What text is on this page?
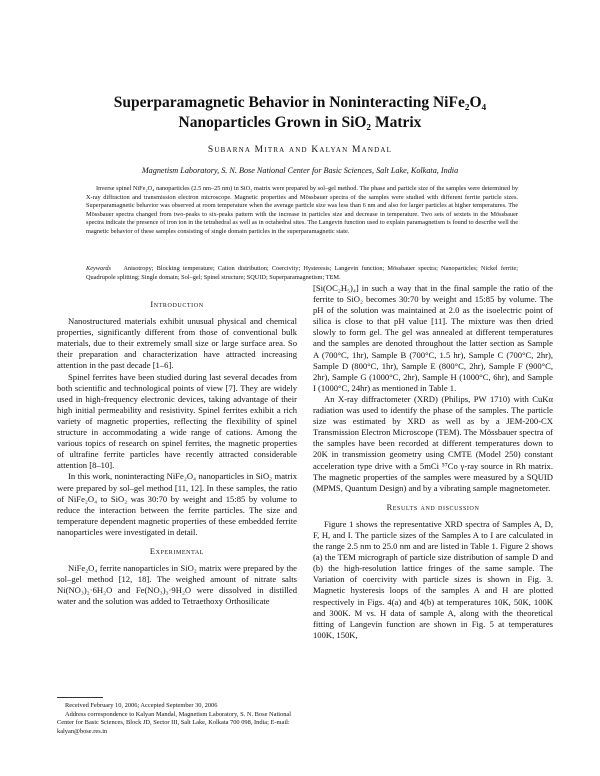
Superparamagnetic Behavior in Noninteracting NiFe₂O₄
Nanoparticles Grown in SiO₂ Matrix
Subarna Mitra and Kalyan Mandal
Magnetism Laboratory, S. N. Bose National Center for Basic Sciences, Salt Lake, Kolkata, India

Inverse spinel NiFe₂O₄ nanoparticles (2.5 nm–25 nm) in SiO₂ matrix were prepared by sol–gel method. The phase and particle size of the samples were determined by X-ray diffraction and transmission electron microscope. Magnetic properties and Mössbauer spectra of the samples were studied with different ferrite particle sizes. Superparamagnetic behavior was observed at room temperature when the average particle size was less than 6 nm and also for larger particles at higher temperatures. The Mössbauer spectra changed from two-peaks to six-peaks pattern with the increase in particles size and decrease in temperature. Two sets of sextets in the Mössbauer spectra indicate the presence of iron ion in the tetrahedral as well as in octahedral sites. The Langevin function used to explain paramagnetism is found to describe well the magnetic behavior of these samples consisting of single domain particles in the superparamagnetic state.

Keywords Anisotropy; Blocking temperature; Cation distribution; Coercivity; Hysteresis; Langevin function; Mössbauer spectra; Nanoparticles; Nickel ferrite; Quadrupole splitting; Single domain; Sol–gel; Spinel structure; SQUID; Superparamagnetism; TEM.
Introduction

Nanostructured materials exhibit unusual physical and chemical properties, significantly different from those of conventional bulk materials, due to their extremely small size or large surface area. So their preparation and characterization have attracted increasing attention in the past decade [1–6].

Spinel ferrites have been studied during last several decades from both scientific and technological points of view [7]. They are widely used in high-frequency electronic devices, taking advantage of their high initial permeability and resistivity. Spinel ferrites exhibit a rich variety of magnetic properties, reflecting the flexibility of spinel structure in accommodating a wide range of cations. Among the various topics of research on spinel ferrites, the magnetic properties of ultrafine ferrite particles have recently attracted considerable attention [8–10].

In this work, noninteracting NiFe₂O₄ nanoparticles in SiO₂ matrix were prepared by sol–gel method [11, 12]. In these samples, the ratio of NiFe₂O₄ to SiO₂ was 30:70 by weight and 15:85 by volume to reduce the interaction between the ferrite particles. The size and temperature dependent magnetic properties of these embedded ferrite nanoparticles were investigated in detail.

Experimental

NiFe₂O₄ ferrite nanoparticles in SiO₂ matrix were prepared by the sol–gel method [12, 18]. The weighed amount of nitrate salts Ni(NO₃)₂·6H₂O and Fe(NO₃)₃·9H₂O were dissolved in distilled water and the solution was added to Tetraethoxy Orthosilicate

[Si(OC₂H₅)₄] in such a way that in the final sample the ratio of the ferrite to SiO₂ becomes 30:70 by weight and 15:85 by volume. The pH of the solution was maintained at 2.0 as the isoelectric point of silica is close to that pH value [11]. The mixture was then dried slowly to form gel. The gel was annealed at different temperatures and the samples are denoted throughout the latter section as Sample A (700°C, 1hr), Sample B (700°C, 1.5 hr), Sample C (700°C, 2hr), Sample D (800°C, 1hr), Sample E (800°C, 2hr), Sample F (900°C, 2hr), Sample G (1000°C, 2hr), Sample H (1000°C, 6hr), and Sample I (1000°C, 24hr) as mentioned in Table 1.

An X-ray diffractometer (XRD) (Philips, PW 1710) with CuKα radiation was used to identify the phase of the samples. The particle size was estimated by XRD as well as by a JEM-200-CX Transmission Electron Microscope (TEM). The Mössbauer spectra of the samples have been recorded at different temperatures down to 20K in transmission geometry using CMTE (Model 250) constant acceleration type drive with a 5mCi ⁵⁷Co γ-ray source in Rh matrix. The magnetic properties of the samples were measured by a SQUID (MPMS, Quantum Design) and by a vibrating sample magnetometer.

Results and discussion

Figure 1 shows the representative XRD spectra of Samples A, D, F, H, and I. The particle sizes of the Samples A to I are calculated in the range 2.5 nm to 25.0 nm and are listed in Table 1. Figure 2 shows (a) the TEM micrograph of particle size distribution of sample D and (b) the high-resolution lattice fringes of the same sample. The Variation of coercivity with particle sizes is shown in Fig. 3. Magnetic hysteresis loops of the samples A and H are plotted respectively in Figs. 4(a) and 4(b) at temperatures 10K, 50K, 100K and 300K. M vs. H data of sample A, along with the theoretical fitting of Langevin function are shown in Fig. 5 at temperatures 100K, 150K,

Received February 10, 2006; Accepted September 30, 2006

Address correspondence to Kalyan Mandal, Magnetism Laboratory, S. N. Bose National Center for Basic Sciences, Block JD, Sector III, Salt Lake, Kolkata 700 098, India; E-mail: kalyan@bose.res.in
